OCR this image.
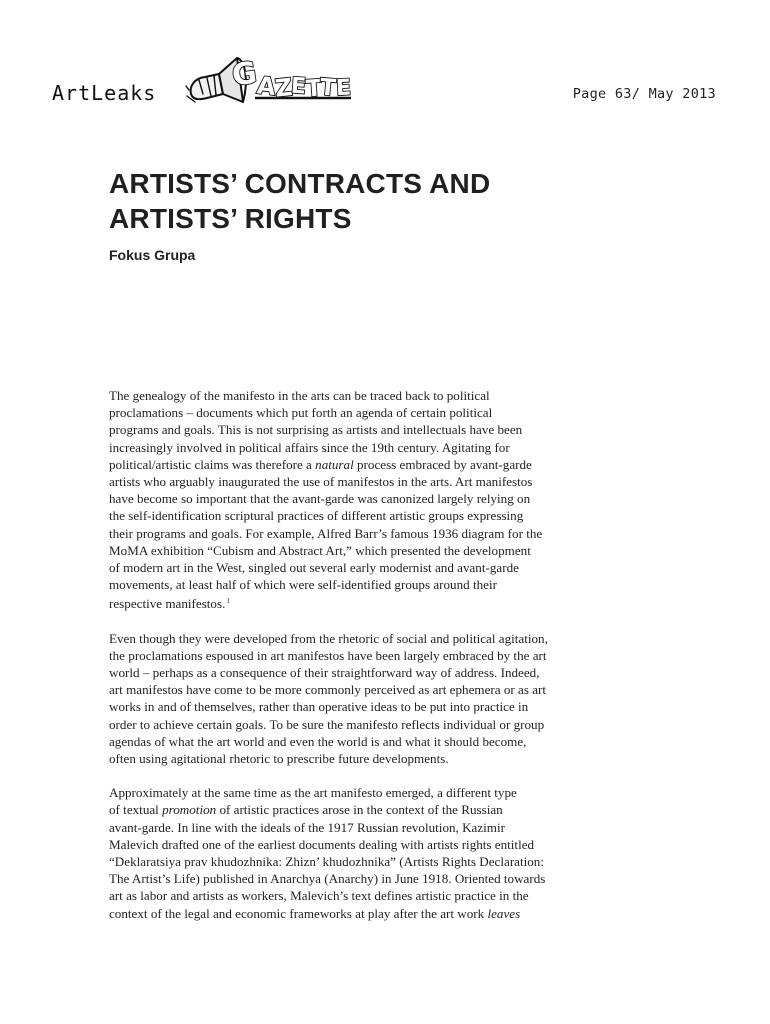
ArtLeaks G
A
Z
E
T
T
E	Page 63/ May 2013
ARTISTS’ CONTRACTS AND
ARTISTS’ RIGHTS
Fokus Grupa

The genealogy of the manifesto in the arts can be traced back to political
proclamations – documents which put forth an agenda of certain political
programs and goals. This is not surprising as artists and intellectuals have been
increasingly involved in political affairs since the 19th century. Agitating for
political/artistic claims was therefore a natural process embraced by avant-garde
artists who arguably inaugurated the use of manifestos in the arts. Art manifestos
have become so important that the avant-garde was canonized largely relying on
the self-identification scriptural practices of different artistic groups expressing
their programs and goals. For example, Alfred Barr’s famous 1936 diagram for the
MoMA exhibition “Cubism and Abstract Art,” which presented the development
of modern art in the West, singled out several early modernist and avant-garde
movements, at least half of which were self-identified groups around their
respective manifestos.$^1$

Even though they were developed from the rhetoric of social and political agitation,
the proclamations espoused in art manifestos have been largely embraced by the art
world – perhaps as a consequence of their straightforward way of address. Indeed,
art manifestos have come to be more commonly perceived as art ephemera or as art
works in and of themselves, rather than operative ideas to be put into practice in
order to achieve certain goals. To be sure the manifesto reflects individual or group
agendas of what the art world and even the world is and what it should become,
often using agitational rhetoric to prescribe future developments.

Approximately at the same time as the art manifesto emerged, a different type
of textual promotion of artistic practices arose in the context of the Russian
avant-garde. In line with the ideals of the 1917 Russian revolution, Kazimir
Malevich drafted one of the earliest documents dealing with artists rights entitled
“Deklaratsiya prav khudozhnika: Zhizn’ khudozhnika” (Artists Rights Declaration:
The Artist’s Life) published in Anarchya (Anarchy) in June 1918. Oriented towards
art as labor and artists as workers, Malevich’s text defines artistic practice in the
context of the legal and economic frameworks at play after the art work leaves
